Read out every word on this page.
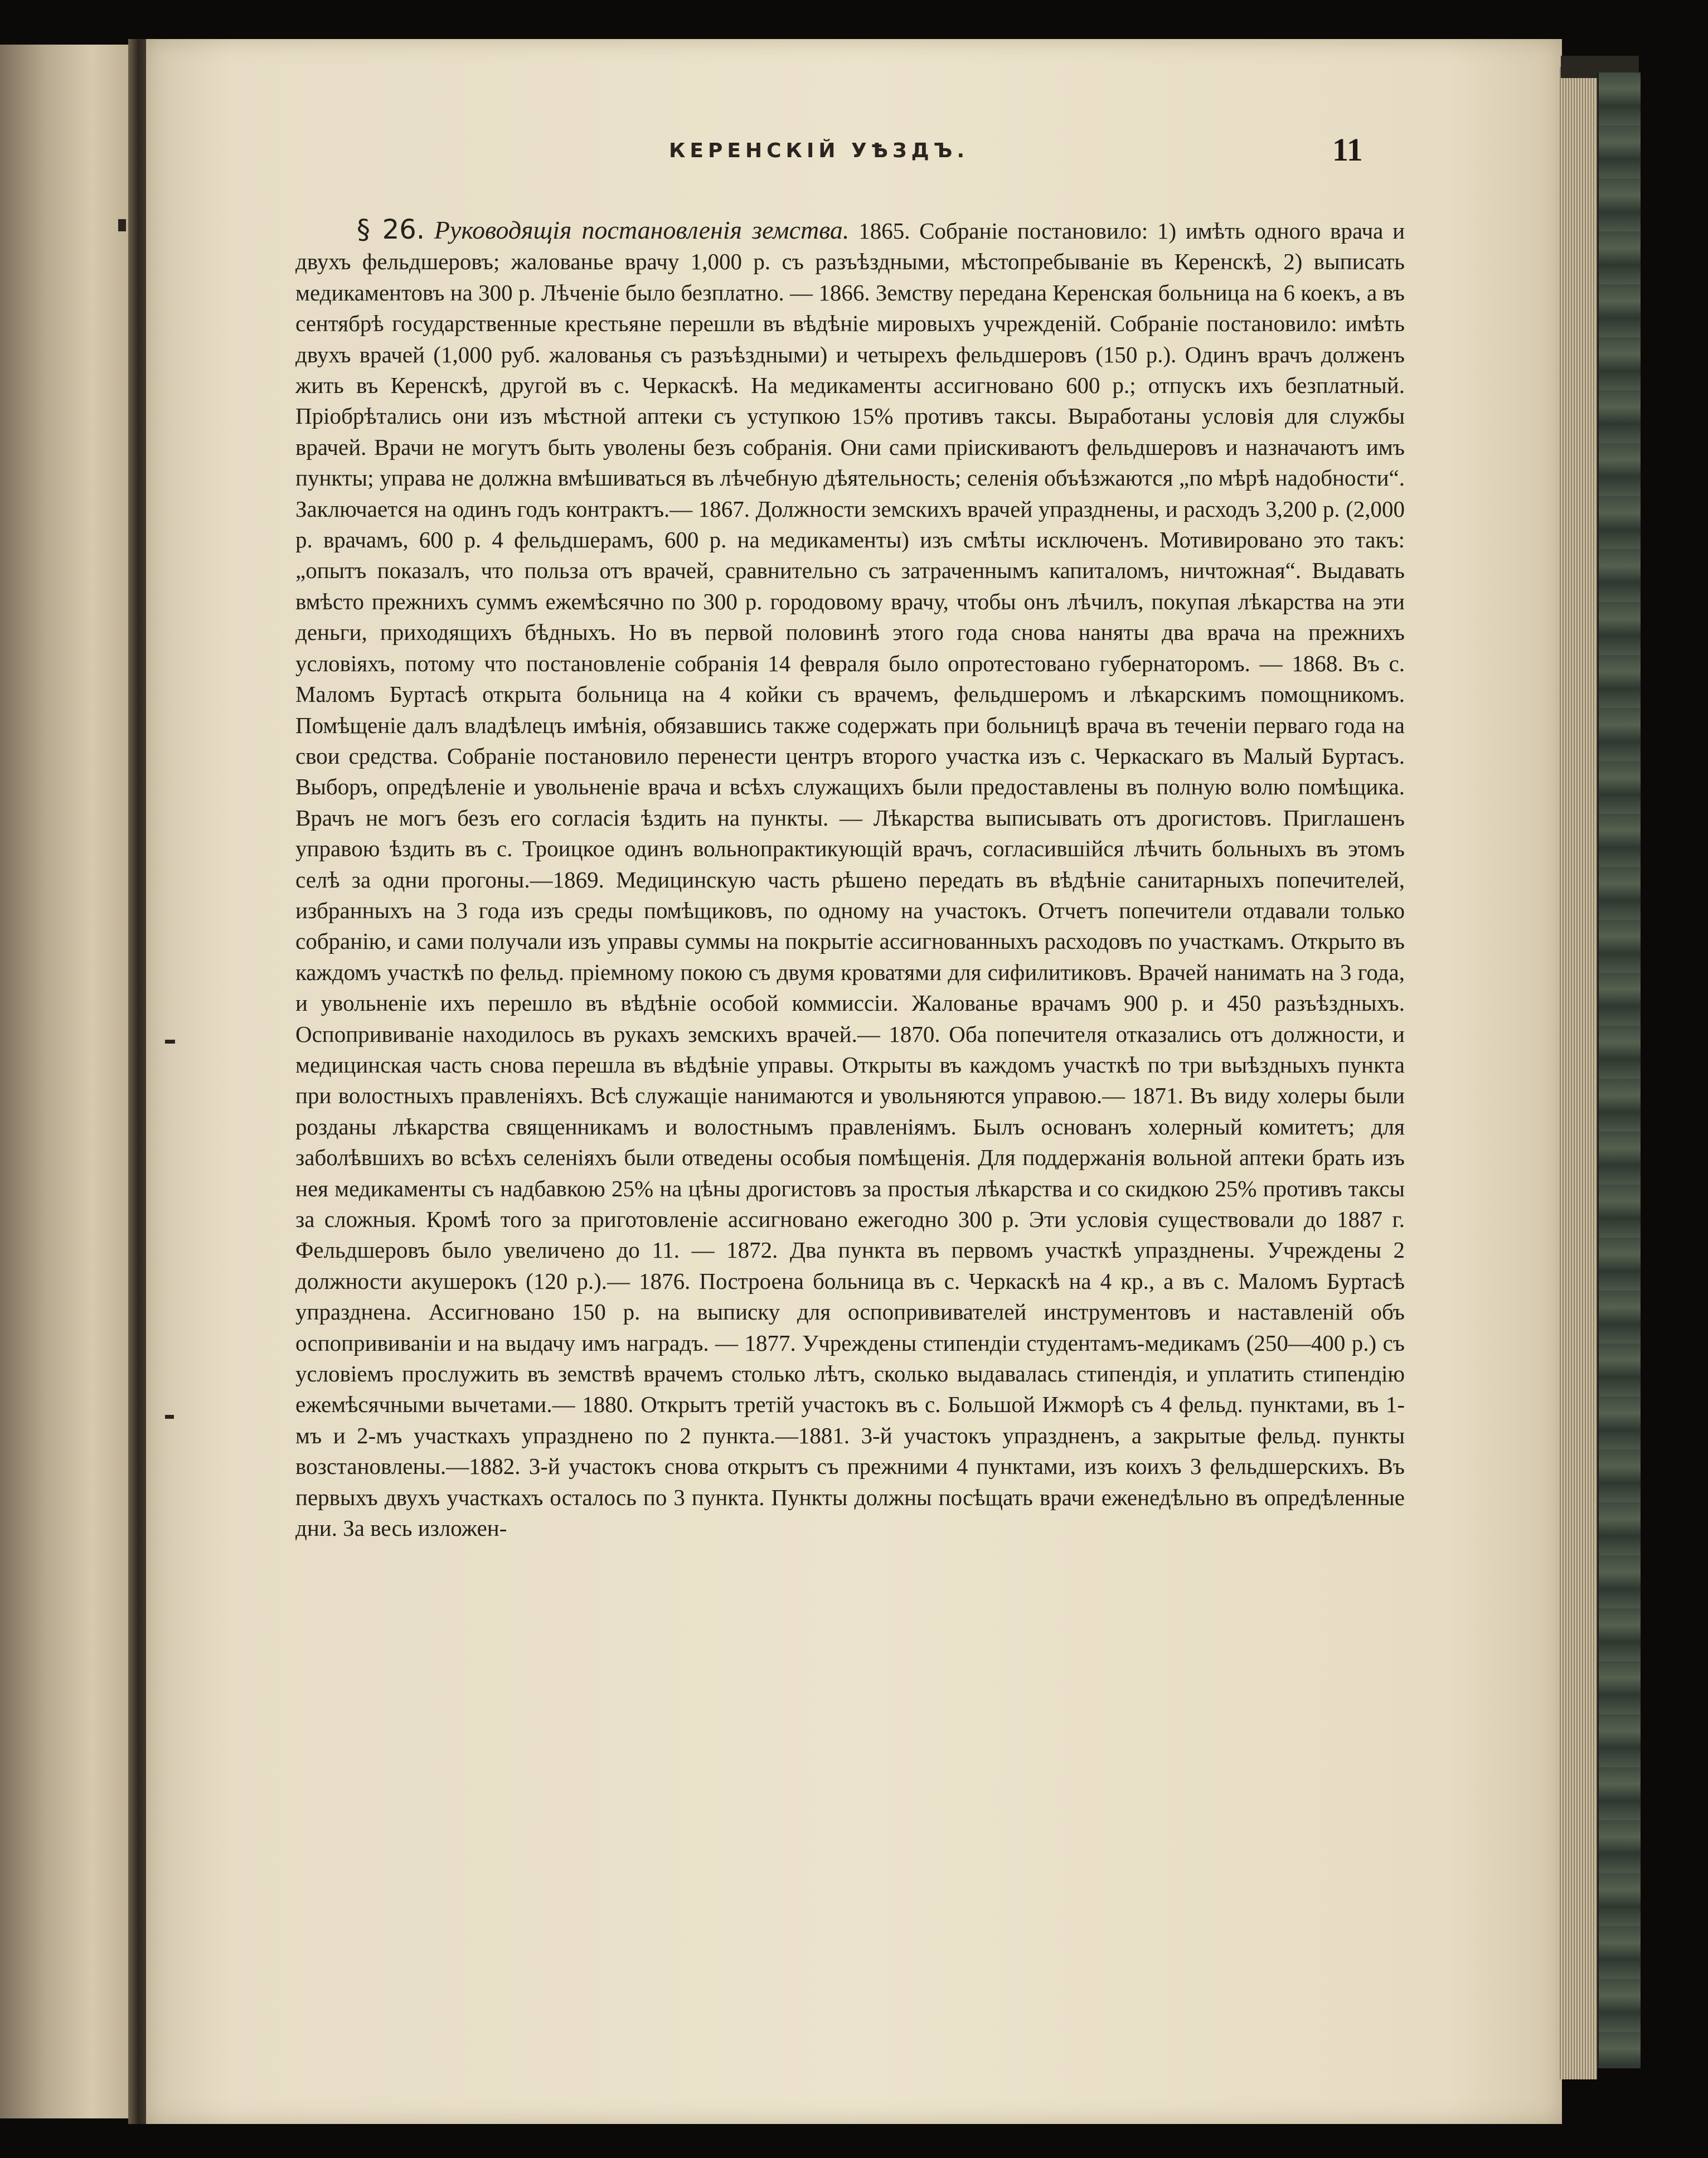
КЕРЕНСКІЙ УѢЗДЪ.	11

§ 26. Руководящія постановленія земства. 1865. Собраніе постановило: 1) имѣть одного врача и двухъ фельдшеровъ; жалованье врачу 1,000 р. съ разъѣздными, мѣстопребываніе въ Керенскѣ, 2) выписать медикаментовъ на 300 р. Лѣченіе было безплатно. — 1866. Земству передана Керенская больница на 6 коекъ, а въ сентябрѣ государственные крестьяне перешли въ вѣдѣніе мировыхъ учрежденій. Собраніе постановило: имѣть двухъ врачей (1,000 руб. жалованья съ разъѣздными) и четырехъ фельдшеровъ (150 р.). Одинъ врачъ долженъ жить въ Керенскѣ, другой въ с. Черкаскѣ. На медикаменты ассигновано 600 р.; отпускъ ихъ безплатный. Пріобрѣтались они изъ мѣстной аптеки съ уступкою 15% противъ таксы. Выработаны условія для службы врачей. Врачи не могутъ быть уволены безъ собранія. Они сами пріискиваютъ фельдшеровъ и назначаютъ имъ пункты; управа не должна вмѣшиваться въ лѣчебную дѣятельность; селенія объѣзжаются „по мѣрѣ надобности“. Заключается на одинъ годъ контрактъ.— 1867. Должности земскихъ врачей упразднены, и расходъ 3,200 р. (2,000 р. врачамъ, 600 р. 4 фельдшерамъ, 600 р. на медикаменты) изъ смѣты исключенъ. Мотивировано это такъ: „опытъ показалъ, что польза отъ врачей, сравнительно съ затраченнымъ капиталомъ, ничтожная“. Выдавать вмѣсто прежнихъ суммъ ежемѣсячно по 300 р. городовому врачу, чтобы онъ лѣчилъ, покупая лѣкарства на эти деньги, приходящихъ бѣдныхъ. Но въ первой половинѣ этого года снова наняты два врача на прежнихъ условіяхъ, потому что постановленіе собранія 14 февраля было опротестовано губернаторомъ. — 1868. Въ с. Маломъ Буртасѣ открыта больница на 4 койки съ врачемъ, фельдшеромъ и лѣкарскимъ помощникомъ. Помѣщеніе далъ владѣлецъ имѣнія, обязавшись также содержать при больницѣ врача въ теченіи перваго года на свои средства. Собраніе постановило перенести центръ второго участка изъ с. Черкаскаго въ Малый Буртасъ. Выборъ, опредѣленіе и увольненіе врача и всѣхъ служащихъ были предоставлены въ полную волю помѣщика. Врачъ не могъ безъ его согласія ѣздить на пункты. — Лѣкарства выписывать отъ дрогистовъ. Приглашенъ управою ѣздить въ с. Троицкое одинъ вольнопрактикующій врачъ, согласившійся лѣчить больныхъ въ этомъ селѣ за одни прогоны.—1869. Медицинскую часть рѣшено передать въ вѣдѣніе санитарныхъ попечителей, избранныхъ на 3 года изъ среды помѣщиковъ, по одному на участокъ. Отчетъ попечители отдавали только собранію, и сами получали изъ управы суммы на покрытіе ассигнованныхъ расходовъ по участкамъ. Открыто въ каждомъ участкѣ по фельд. пріемному покою съ двумя кроватями для сифилитиковъ. Врачей нанимать на 3 года, и увольненіе ихъ перешло въ вѣдѣніе особой коммиссіи. Жалованье врачамъ 900 р. и 450 разъѣздныхъ. Оспопрививаніе находилось въ рукахъ земскихъ врачей.— 1870. Оба попечителя отказались отъ должности, и медицинская часть снова перешла въ вѣдѣніе управы. Открыты въ каждомъ участкѣ по три выѣздныхъ пункта при волостныхъ правленіяхъ. Всѣ служащіе нанимаются и увольняются управою.— 1871. Въ виду холеры были розданы лѣкарства священникамъ и волостнымъ правленіямъ. Былъ основанъ холерный комитетъ; для заболѣвшихъ во всѣхъ селеніяхъ были отведены особыя помѣщенія. Для поддержанія вольной аптеки брать изъ нея медикаменты съ надбавкою 25% на цѣны дрогистовъ за простыя лѣкарства и со скидкою 25% противъ таксы за сложныя. Кромѣ того за приготовленіе ассигновано ежегодно 300 р. Эти условія существовали до 1887 г. Фельдшеровъ было увеличено до 11. — 1872. Два пункта въ первомъ участкѣ упразднены. Учреждены 2 должности акушерокъ (120 р.).— 1876. Построена больница въ с. Черкаскѣ на 4 кр., а въ с. Маломъ Буртасѣ упразднена. Ассигновано 150 р. на выписку для оспопрививателей инструментовъ и наставленій объ оспопрививаніи и на выдачу имъ наградъ. — 1877. Учреждены стипендіи студентамъ-медикамъ (250—400 р.) съ условіемъ прослужить въ земствѣ врачемъ столько лѣтъ, сколько выдавалась стипендія, и уплатить стипендію ежемѣсячными вычетами.— 1880. Открытъ третій участокъ въ с. Большой Ижморѣ съ 4 фельд. пунктами, въ 1-мъ и 2-мъ участкахъ упразднено по 2 пункта.—1881. 3-й участокъ упраздненъ, а закрытые фельд. пункты возстановлены.—1882. 3-й участокъ снова открытъ съ прежними 4 пунктами, изъ коихъ 3 фельдшерскихъ. Въ первыхъ двухъ участкахъ осталось по 3 пункта. Пункты должны посѣщать врачи еженедѣльно въ опредѣленные дни. За весь изложен-
